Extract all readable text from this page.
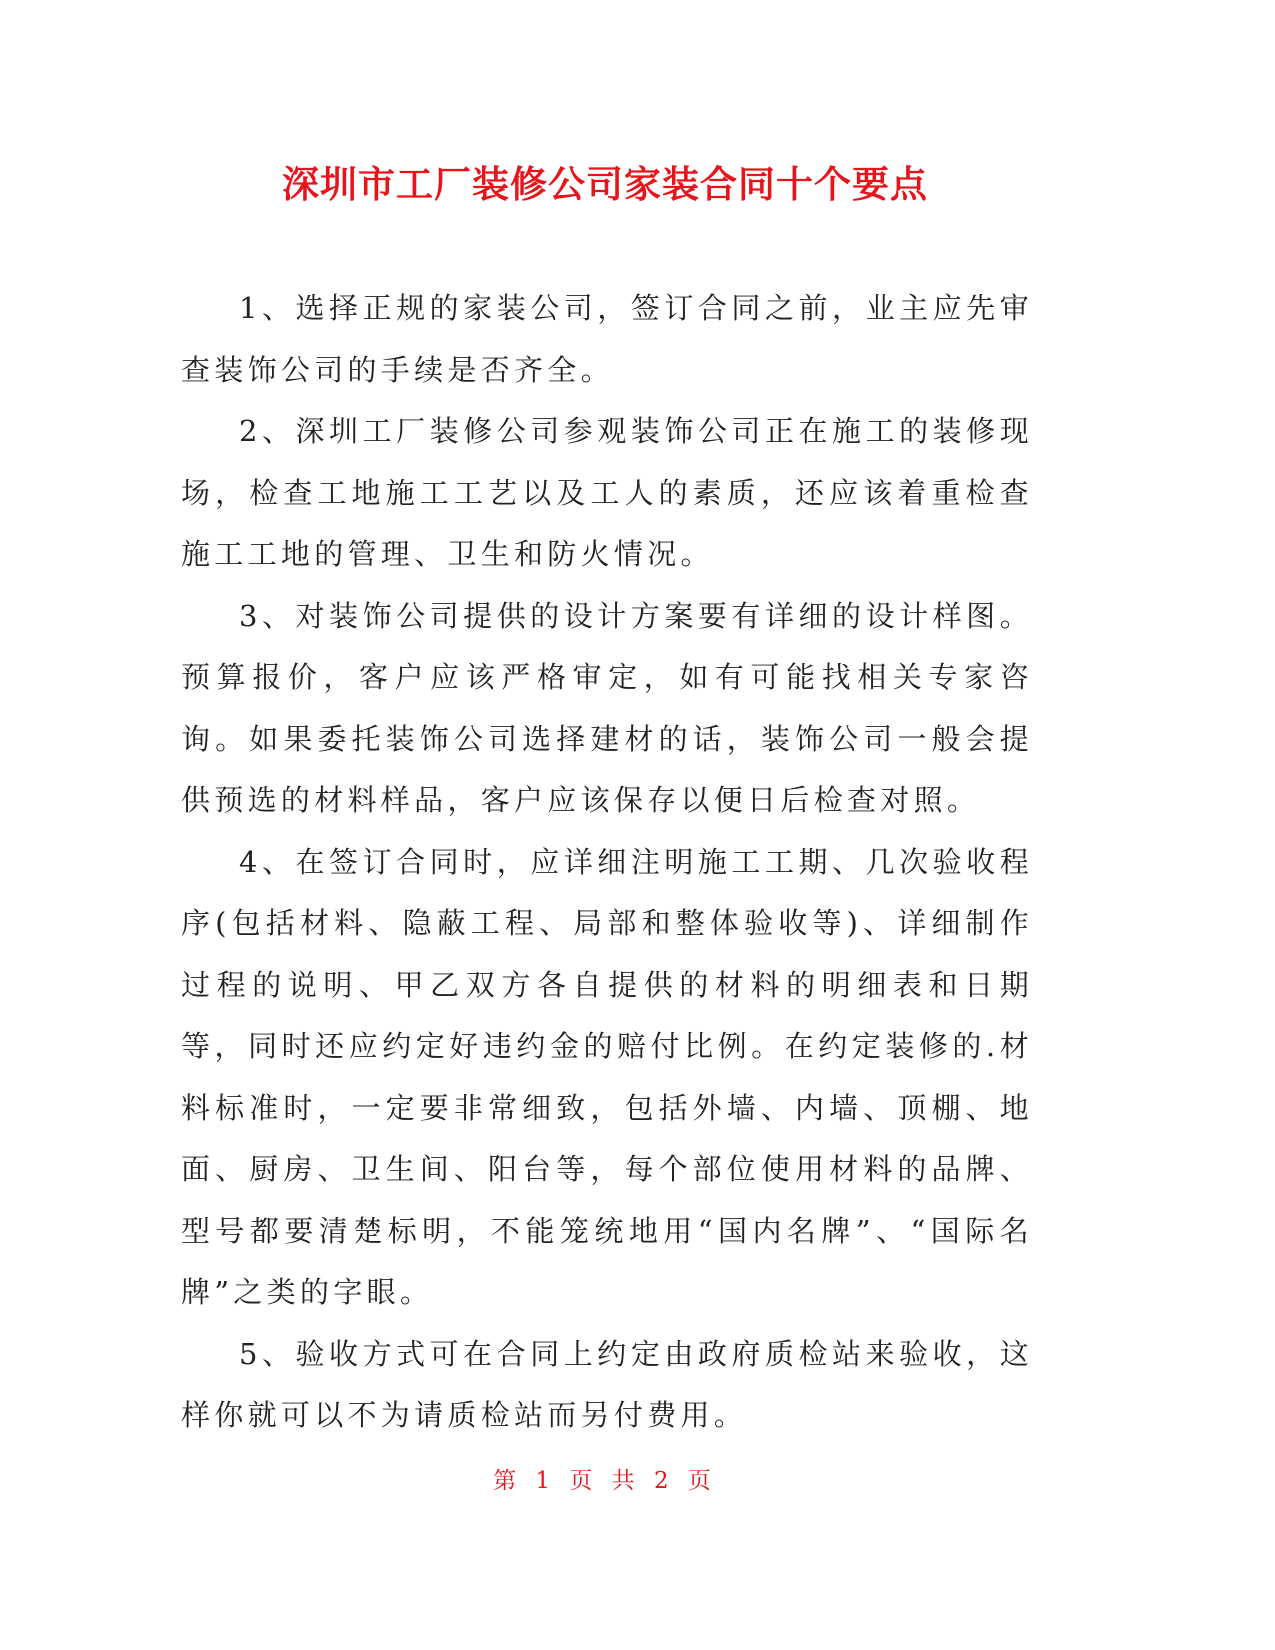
深圳市工厂装修公司家装合同十个要点

1、选择正规的家装公司，签订合同之前，业主应先审查装饰公司的手续是否齐全。

2、深圳工厂装修公司参观装饰公司正在施工的装修现场，检查工地施工工艺以及工人的素质，还应该着重检查施工工地的管理、卫生和防火情况。

3、对装饰公司提供的设计方案要有详细的设计样图。预算报价，客户应该严格审定，如有可能找相关专家咨询。如果委托装饰公司选择建材的话，装饰公司一般会提供预选的材料样品，客户应该保存以便日后检查对照。

4、在签订合同时，应详细注明施工工期、几次验收程序(包括材料、隐蔽工程、局部和整体验收等)、详细制作过程的说明、甲乙双方各自提供的材料的明细表和日期等，同时还应约定好违约金的赔付比例。在约定装修的.材料标准时，一定要非常细致，包括外墙、内墙、顶棚、地面、厨房、卫生间、阳台等，每个部位使用材料的品牌、型号都要清楚标明，不能笼统地用“国内名牌”、“国际名牌”之类的字眼。

5、验收方式可在合同上约定由政府质检站来验收，这样你就可以不为请质检站而另付费用。

第 1 页 共 2 页
